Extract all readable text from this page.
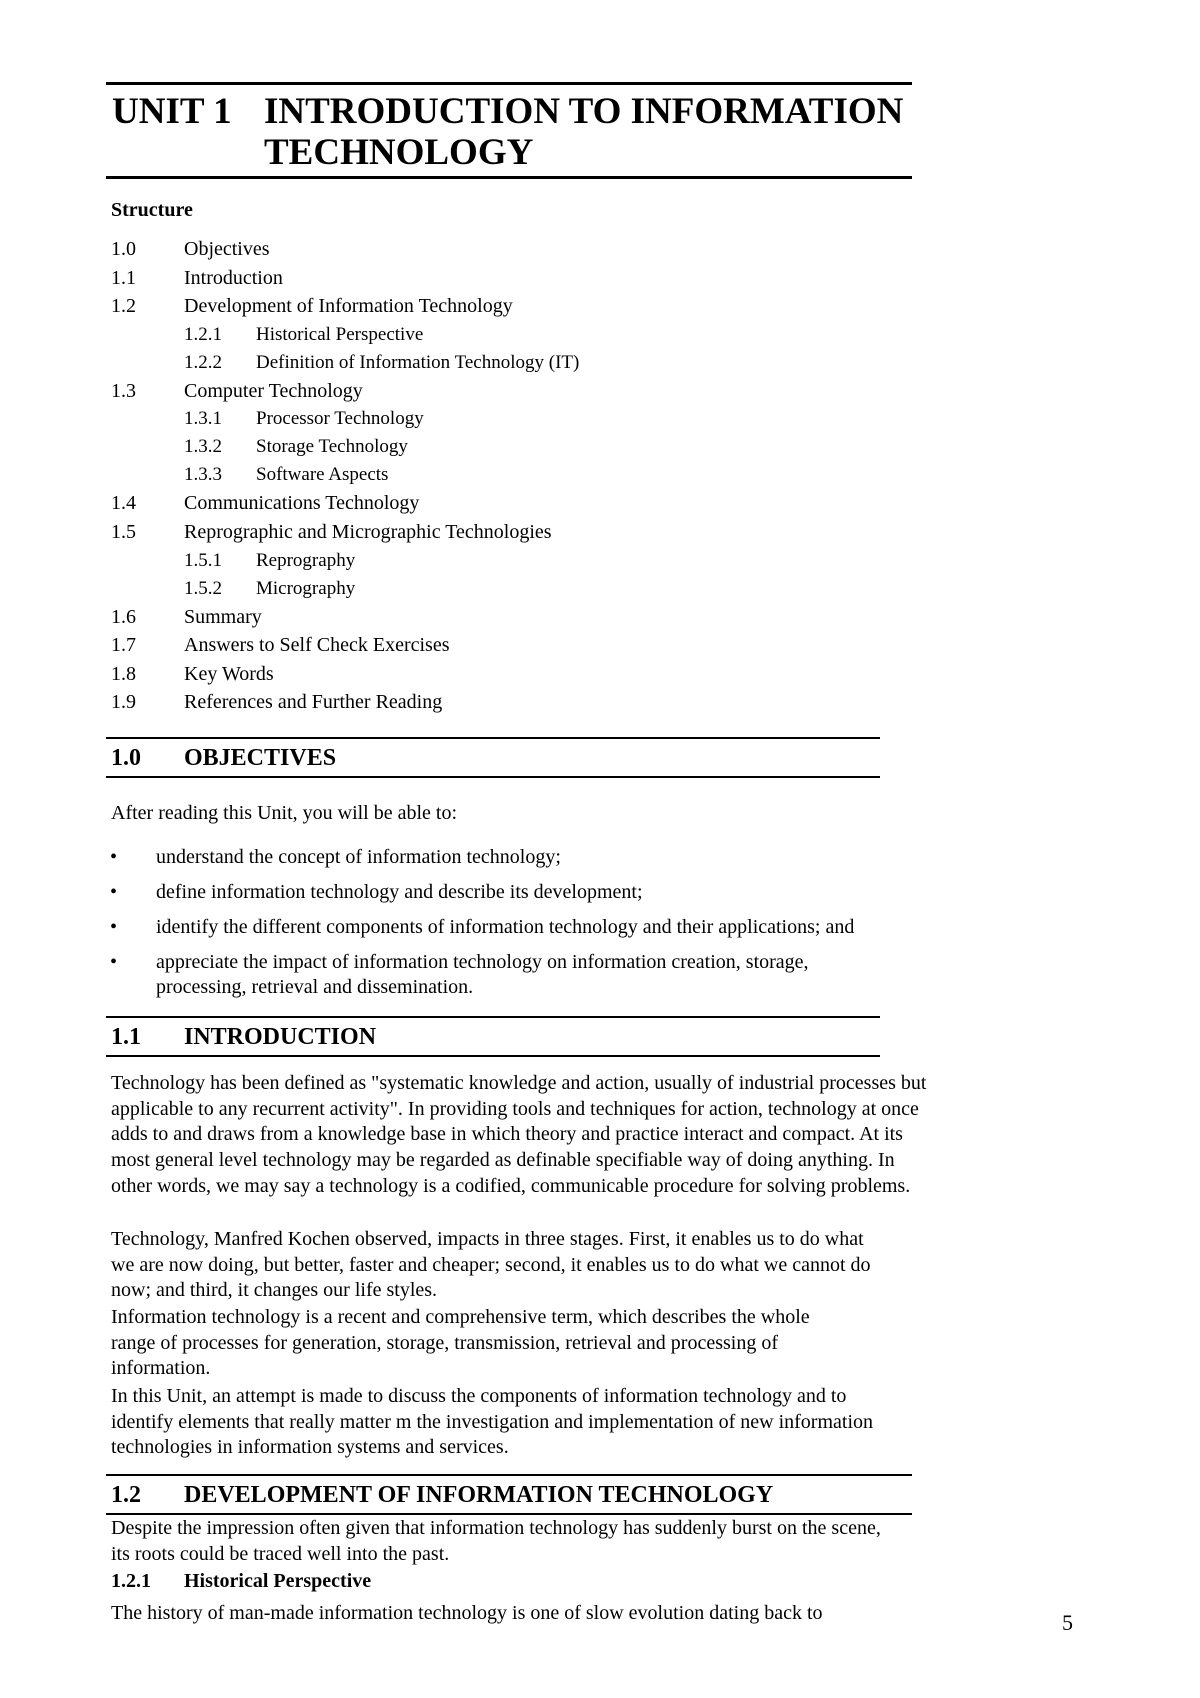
UNIT 1 INTRODUCTION TO INFORMATION
TECHNOLOGY
Structure
1.0	Objectives
1.1	Introduction
1.2	Development of Information Technology
1.2.1	Historical Perspective
1.2.2	Definition of Information Technology (IT)
1.3	Computer Technology
1.3.1	Processor Technology
1.3.2	Storage Technology
1.3.3	Software Aspects
1.4	Communications Technology
1.5	Reprographic and Micrographic Technologies
1.5.1	Reprography
1.5.2	Micrography
1.6	Summary
1.7	Answers to Self Check Exercises
1.8	Key Words
1.9	References and Further Reading
1.0	OBJECTIVES
After reading this Unit, you will be able to:
•	understand the concept of information technology;
•	define information technology and describe its development;
•	identify the different components of information technology and their applications; and
•	appreciate the impact of information technology on information creation, storage, processing, retrieval and dissemination.
1.1	INTRODUCTION
Technology has been defined as "systematic knowledge and action, usually of industrial processes but applicable to any recurrent activity". In providing tools and techniques for action, technology at once adds to and draws from a knowledge base in which theory and practice interact and compact. At its most general level technology may be regarded as definable specifiable way of doing anything. In other words, we may say a technology is a codified, communicable procedure for solving problems.
Technology, Manfred Kochen observed, impacts in three stages. First, it enables us to do what we are now doing, but better, faster and cheaper; second, it enables us to do what we cannot do now; and third, it changes our life styles.
Information technology is a recent and comprehensive term, which describes the whole range of processes for generation, storage, transmission, retrieval and processing of information.
In this Unit, an attempt is made to discuss the components of information technology and to identify elements that really matter m the investigation and implementation of new information technologies in information systems and services.
1.2	DEVELOPMENT OF INFORMATION TECHNOLOGY
Despite the impression often given that information technology has suddenly burst on the scene, its roots could be traced well into the past.
1.2.1	Historical Perspective
The history of man-made information technology is one of slow evolution dating back to	5
